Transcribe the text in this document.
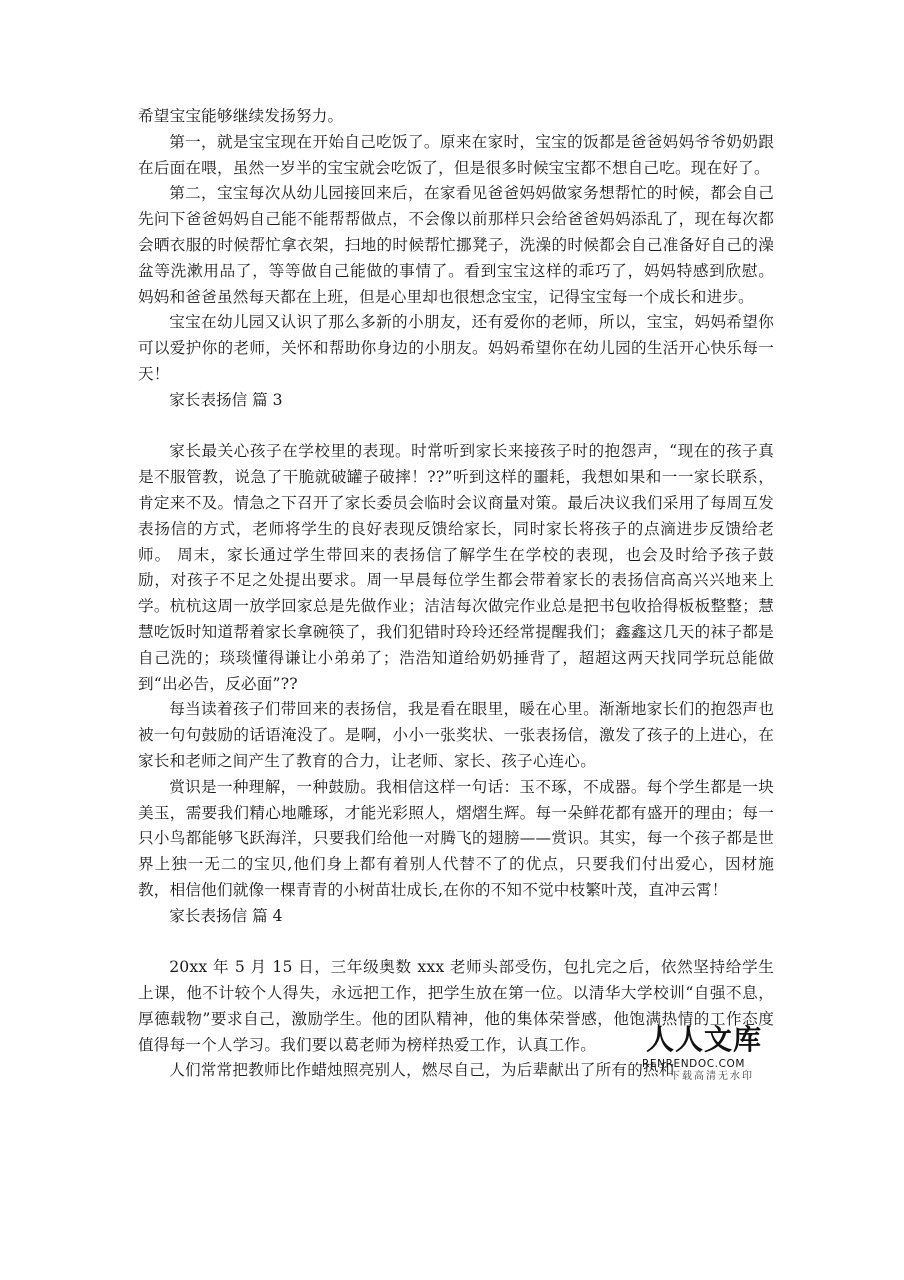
希望宝宝能够继续发扬努力。

第一，就是宝宝现在开始自己吃饭了。原来在家时，宝宝的饭都是爸爸妈妈爷爷奶奶跟在后面在喂，虽然一岁半的宝宝就会吃饭了，但是很多时候宝宝都不想自己吃。现在好了。

第二，宝宝每次从幼儿园接回来后，在家看见爸爸妈妈做家务想帮忙的时候，都会自己先问下爸爸妈妈自己能不能帮帮做点，不会像以前那样只会给爸爸妈妈添乱了，现在每次都会晒衣服的时候帮忙拿衣架，扫地的时候帮忙挪凳子，洗澡的时候都会自己准备好自己的澡盆等洗漱用品了，等等做自己能做的事情了。看到宝宝这样的乖巧了，妈妈特感到欣慰。 妈妈和爸爸虽然每天都在上班，但是心里却也很想念宝宝，记得宝宝每一个成长和进步。

宝宝在幼儿园又认识了那么多新的小朋友，还有爱你的老师，所以，宝宝，妈妈希望你可以爱护你的老师，关怀和帮助你身边的小朋友。妈妈希望你在幼儿园的生活开心快乐每一天！

家长表扬信 篇 3

家长最关心孩子在学校里的表现。时常听到家长来接孩子时的抱怨声，“现在的孩子真是不服管教，说急了干脆就破罐子破摔！??”听到这样的噩耗，我想如果和一一家长联系，肯定来不及。情急之下召开了家长委员会临时会议商量对策。最后决议我们采用了每周互发表扬信的方式，老师将学生的良好表现反馈给家长，同时家长将孩子的点滴进步反馈给老师。 周末，家长通过学生带回来的表扬信了解学生在学校的表现，也会及时给予孩子鼓励，对孩子不足之处提出要求。周一早晨每位学生都会带着家长的表扬信高高兴兴地来上学。杭杭这周一放学回家总是先做作业；洁洁每次做完作业总是把书包收拾得板板整整；慧慧吃饭时知道帮着家长拿碗筷了，我们犯错时玲玲还经常提醒我们；鑫鑫这几天的袜子都是自己洗的；琰琰懂得谦让小弟弟了；浩浩知道给奶奶捶背了，超超这两天找同学玩总能做到“出必告，反必面”??

每当读着孩子们带回来的表扬信，我是看在眼里，暖在心里。渐渐地家长们的抱怨声也被一句句鼓励的话语淹没了。是啊，小小一张奖状、一张表扬信，激发了孩子的上进心，在家长和老师之间产生了教育的合力，让老师、家长、孩子心连心。

赏识是一种理解，一种鼓励。我相信这样一句话：玉不琢，不成器。每个学生都是一块美玉，需要我们精心地雕琢，才能光彩照人，熠熠生辉。每一朵鲜花都有盛开的理由；每一只小鸟都能够飞跃海洋，只要我们给他一对腾飞的翅膀——赏识。其实，每一个孩子都是世界上独一无二的宝贝,他们身上都有着别人代替不了的优点，只要我们付出爱心，因材施教，相信他们就像一棵青青的小树苗壮成长,在你的不知不觉中枝繁叶茂，直冲云霄！

家长表扬信 篇 4

20xx 年 5 月 15 日，三年级奥数 xxx 老师头部受伤，包扎完之后，依然坚持给学生上课，他不计较个人得失，永远把工作，把学生放在第一位。以清华大学校训“自强不息，厚德载物”要求自己，激励学生。他的团队精神，他的集体荣誉感，他饱满热情的工作态度值得每一个人学习。我们要以葛老师为榜样热爱工作，认真工作。

人们常常把教师比作蜡烛照亮别人，燃尽自己，为后辈献出了所有的热和

人人文库
RENRENDOC.COM
下载高清无水印
